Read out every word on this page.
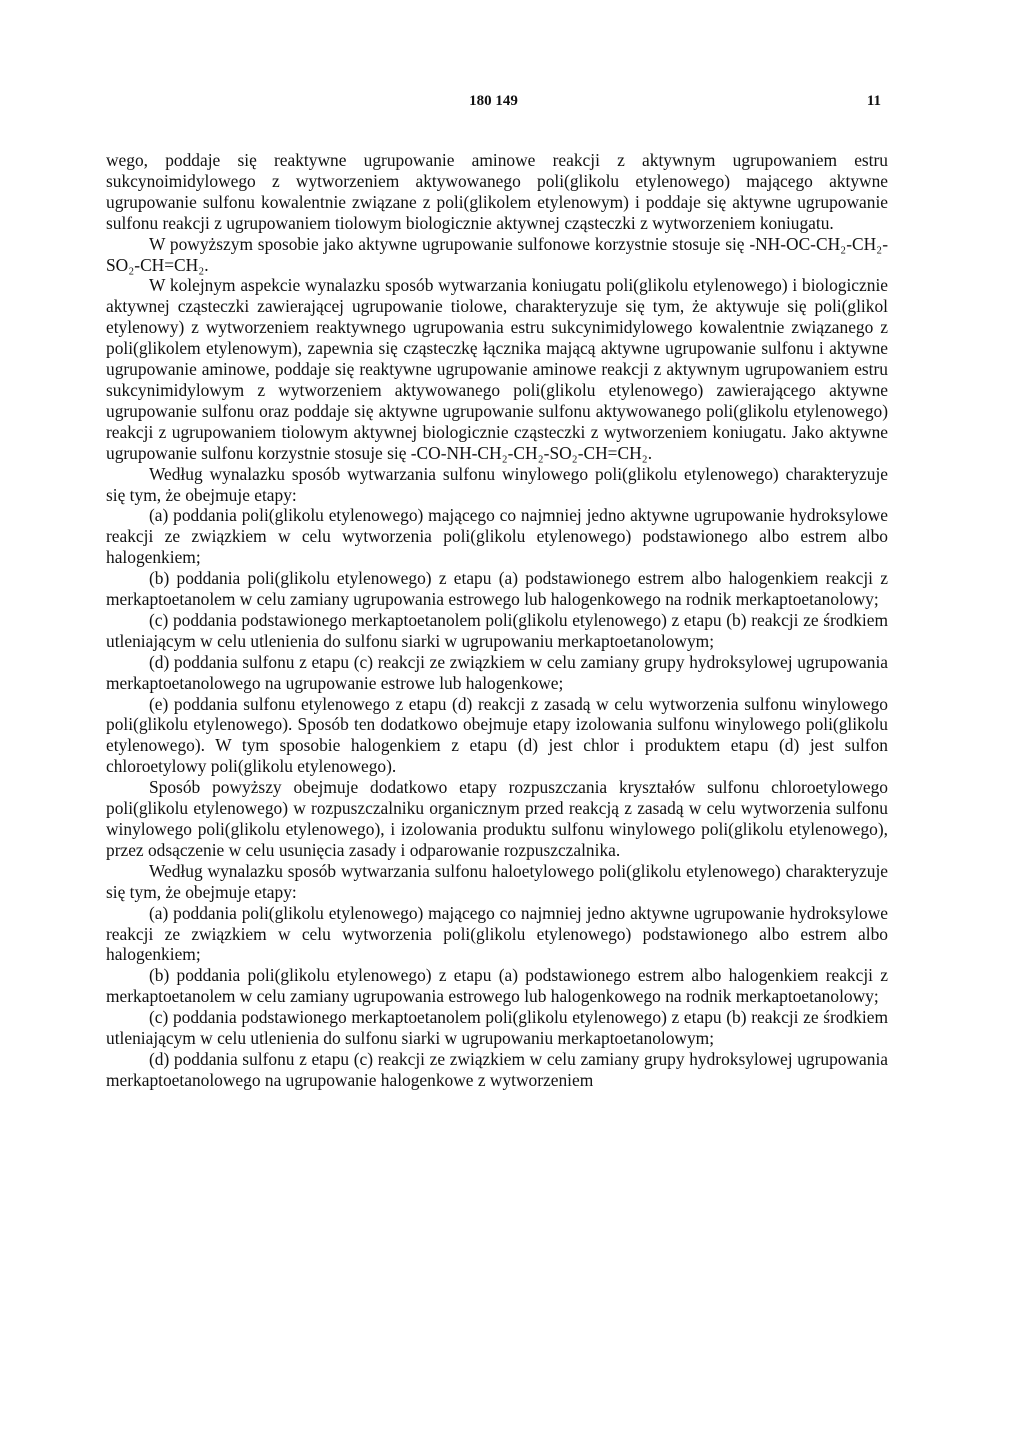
180 149	11

wego, poddaje się reaktywne ugrupowanie aminowe reakcji z aktywnym ugrupowaniem estru sukcynoimidylowego z wytworzeniem aktywowanego poli(glikolu etylenowego) mającego aktywne ugrupowanie sulfonu kowalentnie związane z poli(glikolem etylenowym) i poddaje się aktywne ugrupowanie sulfonu reakcji z ugrupowaniem tiolowym biologicznie aktywnej cząsteczki z wytworzeniem koniugatu.

W powyższym sposobie jako aktywne ugrupowanie sulfonowe korzystnie stosuje się -NH-OC-CH₂-CH₂-SO₂-CH=CH₂.

W kolejnym aspekcie wynalazku sposób wytwarzania koniugatu poli(glikolu etylenowego) i biologicznie aktywnej cząsteczki zawierającej ugrupowanie tiolowe, charakteryzuje się tym, że aktywuje się poli(glikol etylenowy) z wytworzeniem reaktywnego ugrupowania estru sukcynimidylowego kowalentnie związanego z poli(glikolem etylenowym), zapewnia się cząsteczkę łącznika mającą aktywne ugrupowanie sulfonu i aktywne ugrupowanie aminowe, poddaje się reaktywne ugrupowanie aminowe reakcji z aktywnym ugrupowaniem estru sukcynimidylowym z wytworzeniem aktywowanego poli(glikolu etylenowego) zawierającego aktywne ugrupowanie sulfonu oraz poddaje się aktywne ugrupowanie sulfonu aktywowanego poli(glikolu etylenowego) reakcji z ugrupowaniem tiolowym aktywnej biologicznie cząsteczki z wytworzeniem koniugatu. Jako aktywne ugrupowanie sulfonu korzystnie stosuje się -CO-NH-CH₂-CH₂-SO₂-CH=CH₂.

Według wynalazku sposób wytwarzania sulfonu winylowego poli(glikolu etylenowego) charakteryzuje się tym, że obejmuje etapy:

(a) poddania poli(glikolu etylenowego) mającego co najmniej jedno aktywne ugrupowanie hydroksylowe reakcji ze związkiem w celu wytworzenia poli(glikolu etylenowego) podstawionego albo estrem albo halogenkiem;

(b) poddania poli(glikolu etylenowego) z etapu (a) podstawionego estrem albo halogenkiem reakcji z merkaptoetanolem w celu zamiany ugrupowania estrowego lub halogenkowego na rodnik merkaptoetanolowy;

(c) poddania podstawionego merkaptoetanolem poli(glikolu etylenowego) z etapu (b) reakcji ze środkiem utleniającym w celu utlenienia do sulfonu siarki w ugrupowaniu merkaptoetanolowym;

(d) poddania sulfonu z etapu (c) reakcji ze związkiem w celu zamiany grupy hydroksylowej ugrupowania merkaptoetanolowego na ugrupowanie estrowe lub halogenkowe;

(e) poddania sulfonu etylenowego z etapu (d) reakcji z zasadą w celu wytworzenia sulfonu winylowego poli(glikolu etylenowego). Sposób ten dodatkowo obejmuje etapy izolowania sulfonu winylowego poli(glikolu etylenowego). W tym sposobie halogenkiem z etapu (d) jest chlor i produktem etapu (d) jest sulfon chloroetylowy poli(glikolu etylenowego).

Sposób powyższy obejmuje dodatkowo etapy rozpuszczania kryształów sulfonu chloroetylowego poli(glikolu etylenowego) w rozpuszczalniku organicznym przed reakcją z zasadą w celu wytworzenia sulfonu winylowego poli(glikolu etylenowego), i izolowania produktu sulfonu winylowego poli(glikolu etylenowego), przez odsączenie w celu usunięcia zasady i odparowanie rozpuszczalnika.

Według wynalazku sposób wytwarzania sulfonu haloetylowego poli(glikolu etylenowego) charakteryzuje się tym, że obejmuje etapy:

(a) poddania poli(glikolu etylenowego) mającego co najmniej jedno aktywne ugrupowanie hydroksylowe reakcji ze związkiem w celu wytworzenia poli(glikolu etylenowego) podstawionego albo estrem albo halogenkiem;

(b) poddania poli(glikolu etylenowego) z etapu (a) podstawionego estrem albo halogenkiem reakcji z merkaptoetanolem w celu zamiany ugrupowania estrowego lub halogenkowego na rodnik merkaptoetanolowy;

(c) poddania podstawionego merkaptoetanolem poli(glikolu etylenowego) z etapu (b) reakcji ze środkiem utleniającym w celu utlenienia do sulfonu siarki w ugrupowaniu merkaptoetanolowym;

(d) poddania sulfonu z etapu (c) reakcji ze związkiem w celu zamiany grupy hydroksylowej ugrupowania merkaptoetanolowego na ugrupowanie halogenkowe z wytworzeniem
